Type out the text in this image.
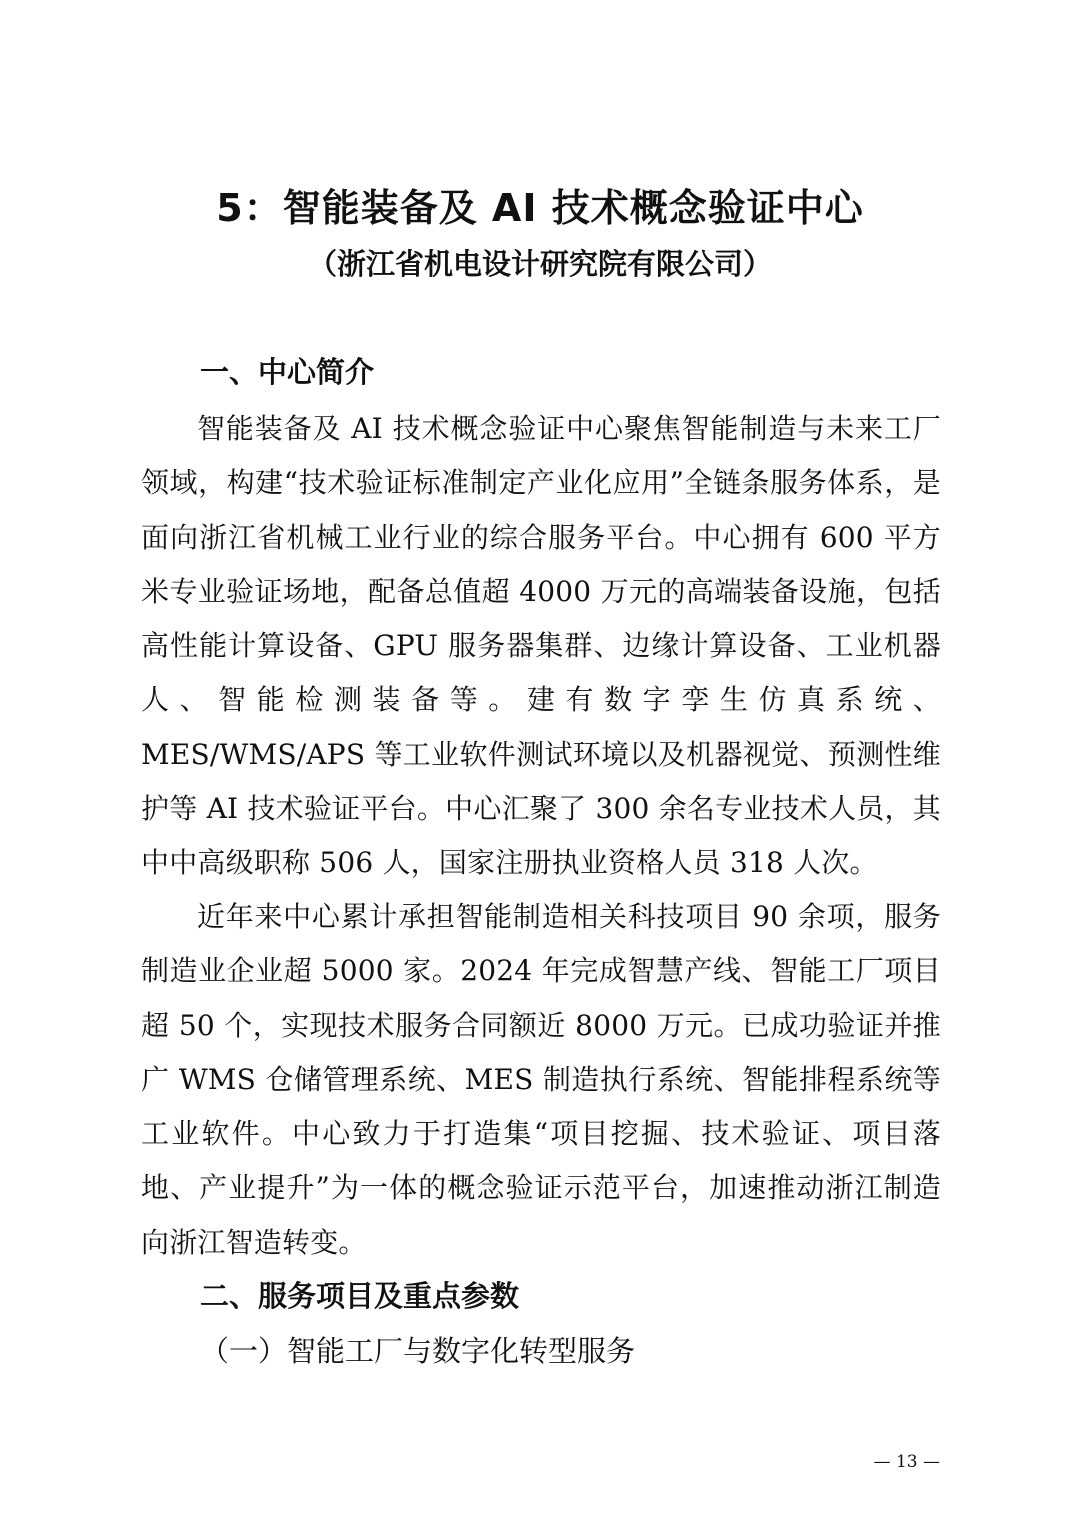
5：智能装备及 AI 技术概念验证中心
（浙江省机电设计研究院有限公司）
一、中心简介
智能装备及 AI 技术概念验证中心聚焦智能制造与未来工厂领域，构建“技术验证标准制定产业化应用”全链条服务体系，是面向浙江省机械工业行业的综合服务平台。中心拥有 600 平方米专业验证场地，配备总值超 4000 万元的高端装备设施，包括高性能计算设备、GPU 服务器集群、边缘计算设备、工业机器人、智能检测装备等。建有数字孪生仿真系统、MES/WMS/APS 等工业软件测试环境以及机器视觉、预测性维护等 AI 技术验证平台。中心汇聚了 300 余名专业技术人员，其中中高级职称 506 人，国家注册执业资格人员 318 人次。
近年来中心累计承担智能制造相关科技项目 90 余项，服务制造业企业超 5000 家。2024 年完成智慧产线、智能工厂项目超 50 个，实现技术服务合同额近 8000 万元。已成功验证并推广 WMS 仓储管理系统、MES 制造执行系统、智能排程系统等工业软件。中心致力于打造集“项目挖掘、技术验证、项目落地、产业提升”为一体的概念验证示范平台，加速推动浙江制造向浙江智造转变。
二、服务项目及重点参数
（一）智能工厂与数字化转型服务
— 13 —
